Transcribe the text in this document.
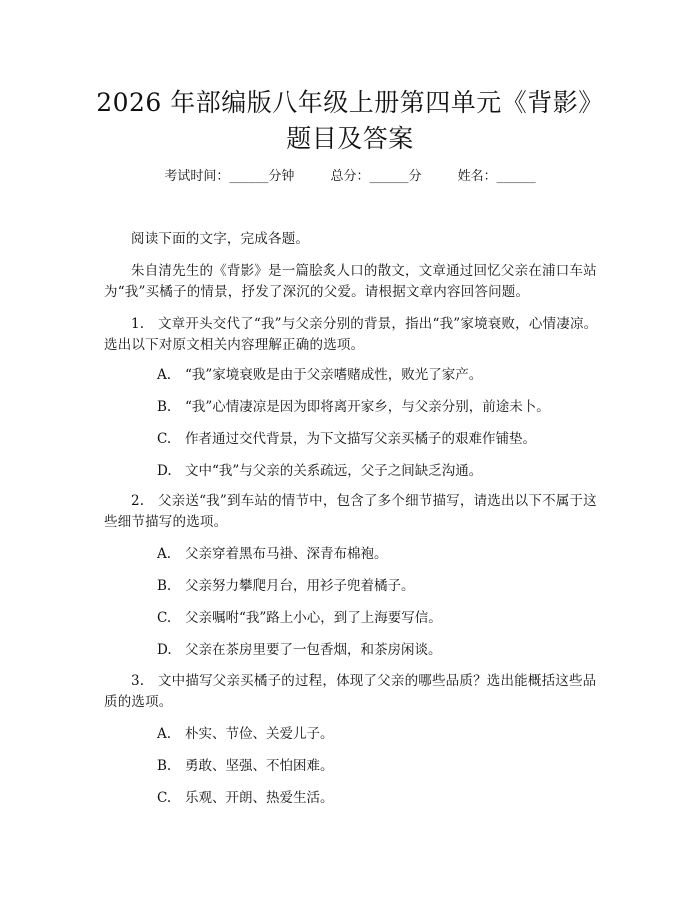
2026 年部编版八年级上册第四单元《背影》
题目及答案
考试时间：______分钟	总分：______分	姓名：______
阅读下面的文字，完成各题。
朱自清先生的《背影》是一篇脍炙人口的散文，文章通过回忆父亲在浦口车站为“我”买橘子的情景，抒发了深沉的父爱。请根据文章内容回答问题。
1.　文章开头交代了“我”与父亲分别的背景，指出“我”家境衰败，心情凄凉。选出以下对原文相关内容理解正确的选项。
A. “我”家境衰败是由于父亲嗜赌成性，败光了家产。
B. “我”心情凄凉是因为即将离开家乡，与父亲分别，前途未卜。
C. 作者通过交代背景，为下文描写父亲买橘子的艰难作铺垫。
D. 文中“我”与父亲的关系疏远，父子之间缺乏沟通。
2.　父亲送“我”到车站的情节中，包含了多个细节描写，请选出以下不属于这些细节描写的选项。
A. 父亲穿着黑布马褂、深青布棉袍。
B. 父亲努力攀爬月台，用衫子兜着橘子。
C. 父亲嘱咐“我”路上小心，到了上海要写信。
D. 父亲在茶房里要了一包香烟，和茶房闲谈。
3.　文中描写父亲买橘子的过程，体现了父亲的哪些品质？选出能概括这些品质的选项。
A. 朴实、节俭、关爱儿子。
B. 勇敢、坚强、不怕困难。
C. 乐观、开朗、热爱生活。
